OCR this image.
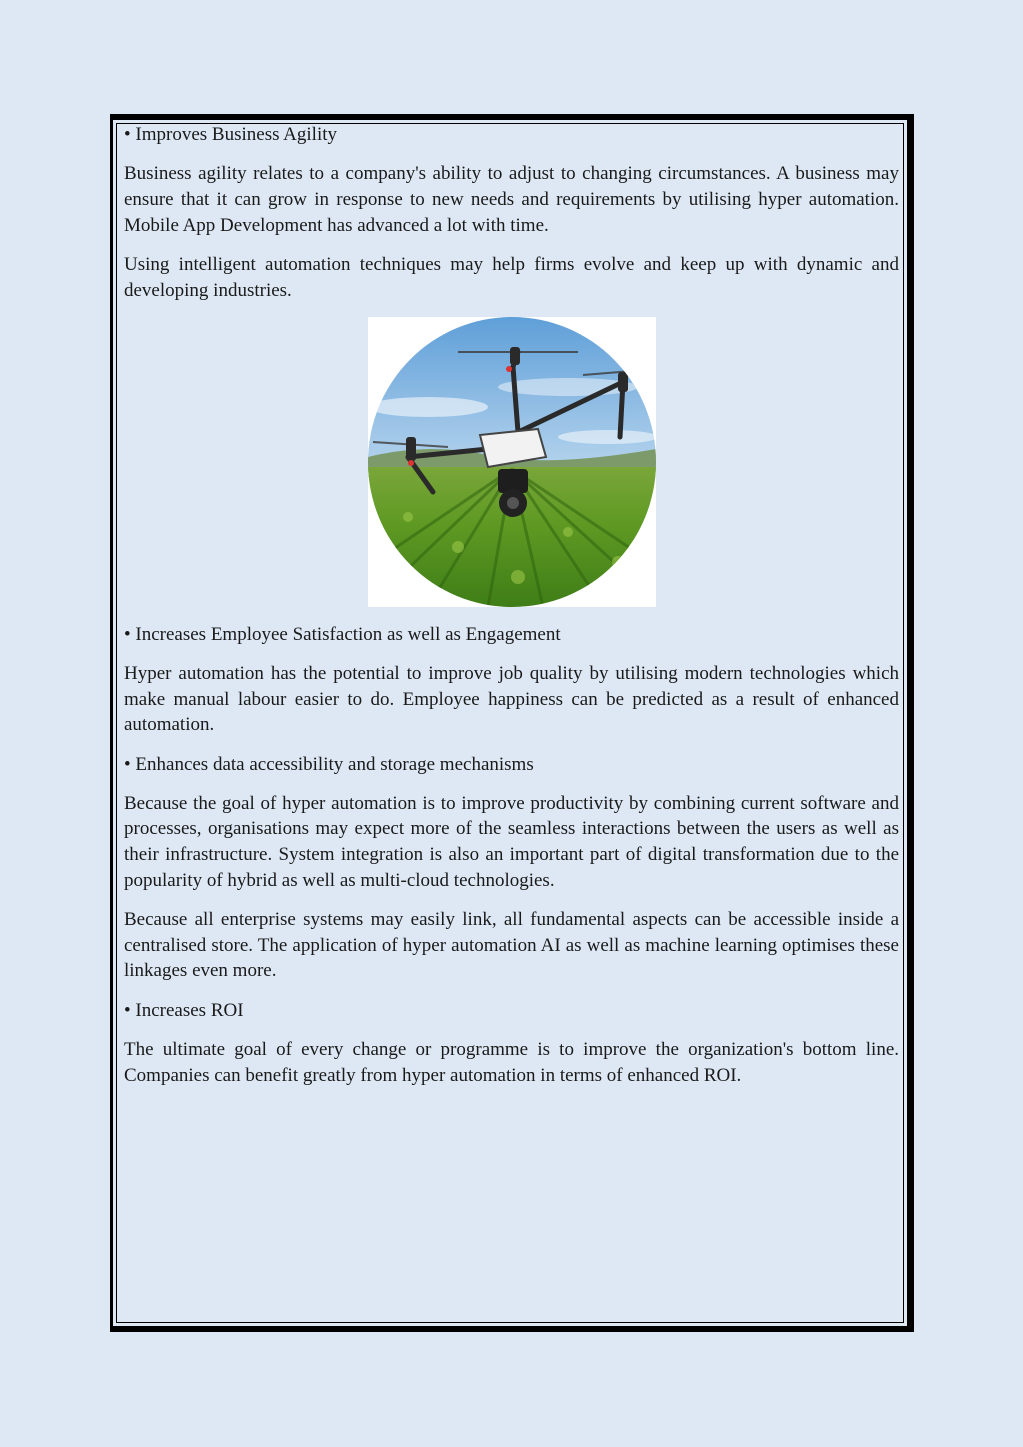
• Improves Business Agility

Business agility relates to a company's ability to adjust to changing circumstances. A business may ensure that it can grow in response to new needs and requirements by utilising hyper automation. Mobile App Development has advanced a lot with time.

Using intelligent automation techniques may help firms evolve and keep up with dynamic and developing industries.

• Increases Employee Satisfaction as well as Engagement

Hyper automation has the potential to improve job quality by utilising modern technologies which make manual labour easier to do. Employee happiness can be predicted as a result of enhanced automation.

• Enhances data accessibility and storage mechanisms

Because the goal of hyper automation is to improve productivity by combining current software and processes, organisations may expect more of the seamless interactions between the users as well as their infrastructure. System integration is also an important part of digital transformation due to the popularity of hybrid as well as multi-cloud technologies.

Because all enterprise systems may easily link, all fundamental aspects can be accessible inside a centralised store. The application of hyper automation AI as well as machine learning optimises these linkages even more.

• Increases ROI

The ultimate goal of every change or programme is to improve the organization's bottom line. Companies can benefit greatly from hyper automation in terms of enhanced ROI.
